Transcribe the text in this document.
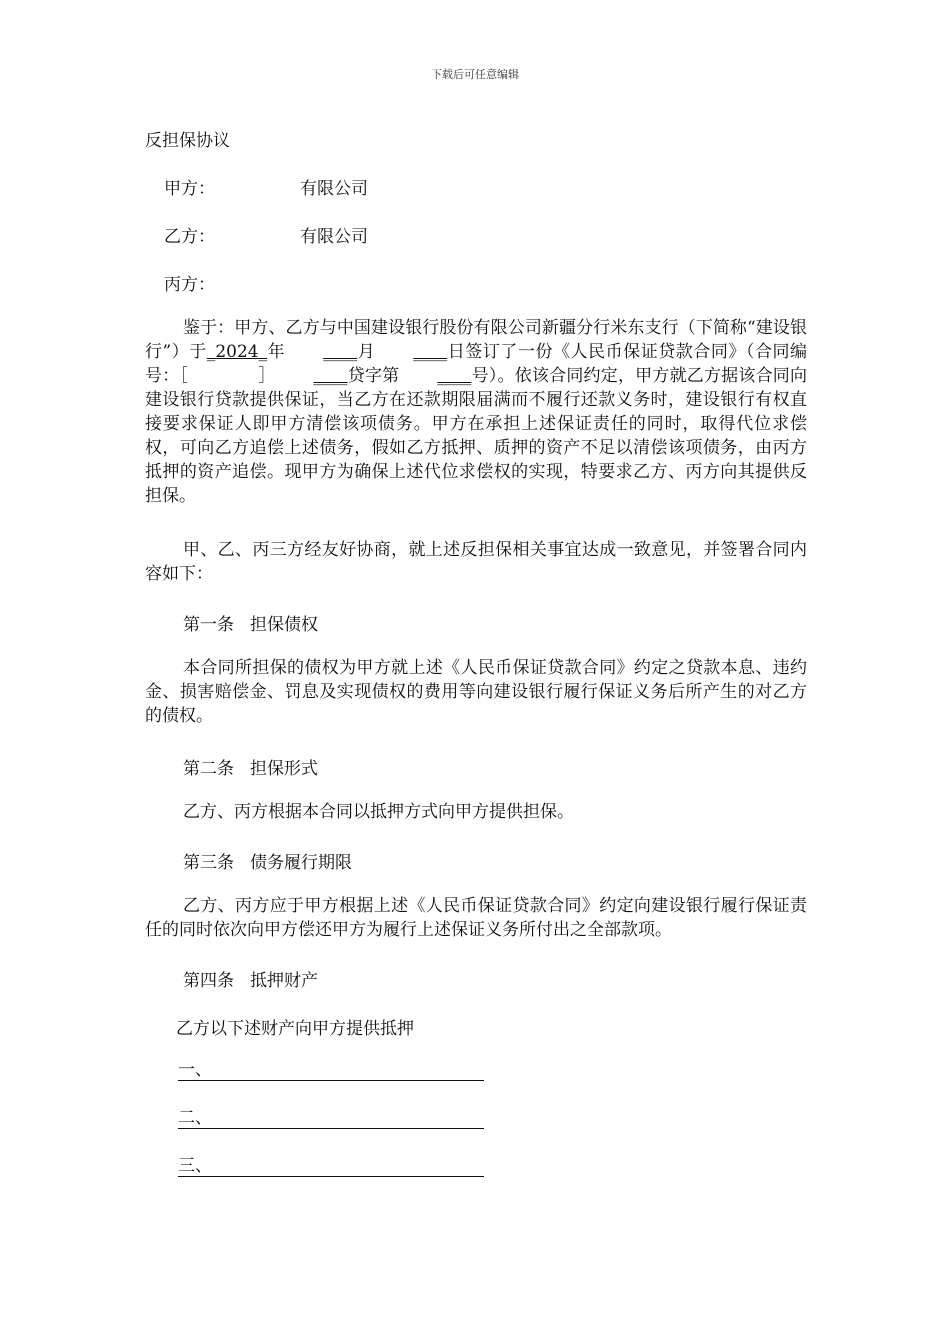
下载后可任意编辑
反担保协议
甲方：	有限公司
乙方：	有限公司
丙方：
鉴于：甲方、乙方与中国建设银行股份有限公司新疆分行米东支行（下简称“建设银行”）于_2024_年 ​____月 ____日签订了一份《人民币保证贷款合同》（合同编号：［	］ ____贷字第 ____号）。依该合同约定，甲方就乙方据该合同向建设银行贷款提供保证，当乙方在还款期限届满而不履行还款义务时，建设银行有权直接要求保证人即甲方清偿该项债务。甲方在承担上述保证责任的同时，取得代位求偿权，可向乙方追偿上述债务，假如乙方抵押、质押的资产不足以清偿该项债务，由丙方抵押的资产追偿。现甲方为确保上述代位求偿权的实现，特要求乙方、丙方向其提供反担保。
甲、乙、丙三方经友好协商，就上述反担保相关事宜达成一致意见，并签署合同内容如下：
第一条 担保债权
本合同所担保的债权为甲方就上述《人民币保证贷款合同》约定之贷款本息、违约金、损害赔偿金、罚息及实现债权的费用等向建设银行履行保证义务后所产生的对乙方的债权。
第二条 担保形式
乙方、丙方根据本合同以抵押方式向甲方提供担保。
第三条 债务履行期限
乙方、丙方应于甲方根据上述《人民币保证贷款合同》约定向建设银行履行保证责任的同时依次向甲方偿还甲方为履行上述保证义务所付出之全部款项。
第四条 抵押财产
乙方以下述财产向甲方提供抵押
一、
二、
三、
